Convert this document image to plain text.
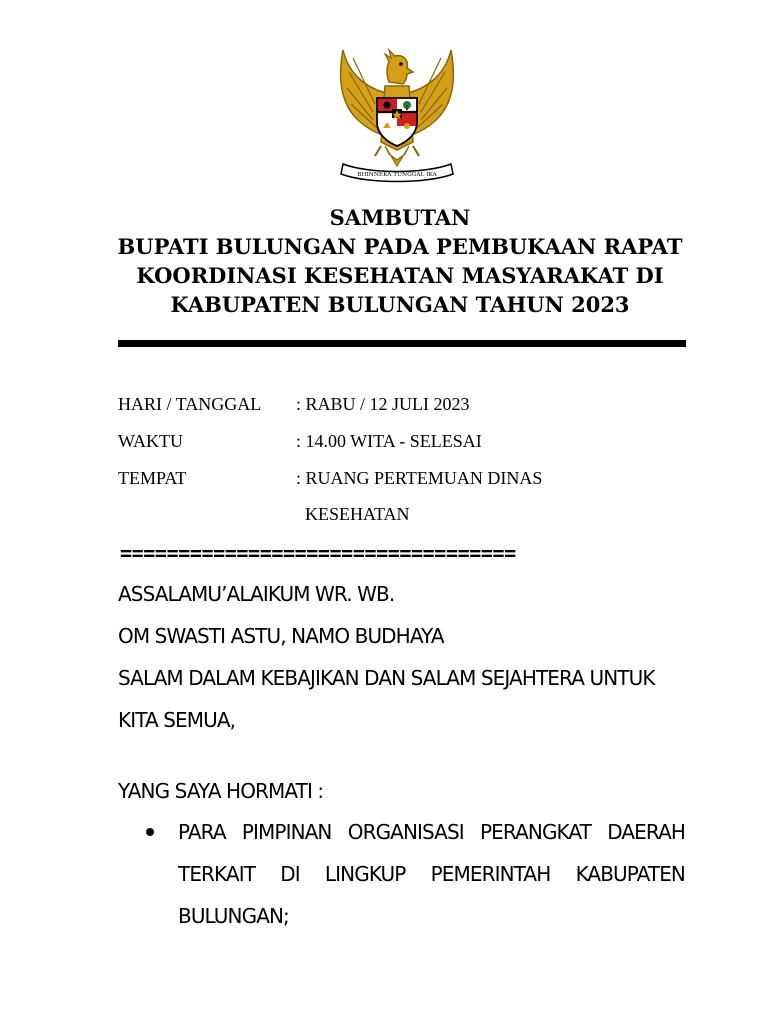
BHINNEKA TUNGGAL IKA
SAMBUTAN
BUPATI BULUNGAN PADA PEMBUKAAN RAPAT
KOORDINASI KESEHATAN MASYARAKAT DI
KABUPATEN BULUNGAN TAHUN 2023
HARI / TANGGAL : RABU / 12 JULI 2023
WAKTU	: 14.00 WITA - SELESAI
TEMPAT	: RUANG PERTEMUAN DINAS
KESEHATAN
==================================
ASSALAMU’ALAIKUM WR. WB.
OM SWASTI ASTU, NAMO BUDHAYA
SALAM DALAM KEBAJIKAN DAN SALAM SEJAHTERA UNTUK
KITA SEMUA,
YANG SAYA HORMATI :
PARA PIMPINAN ORGANISASI PERANGKAT DAERAH
TERKAIT DI LINGKUP PEMERINTAH KABUPATEN
BULUNGAN;
